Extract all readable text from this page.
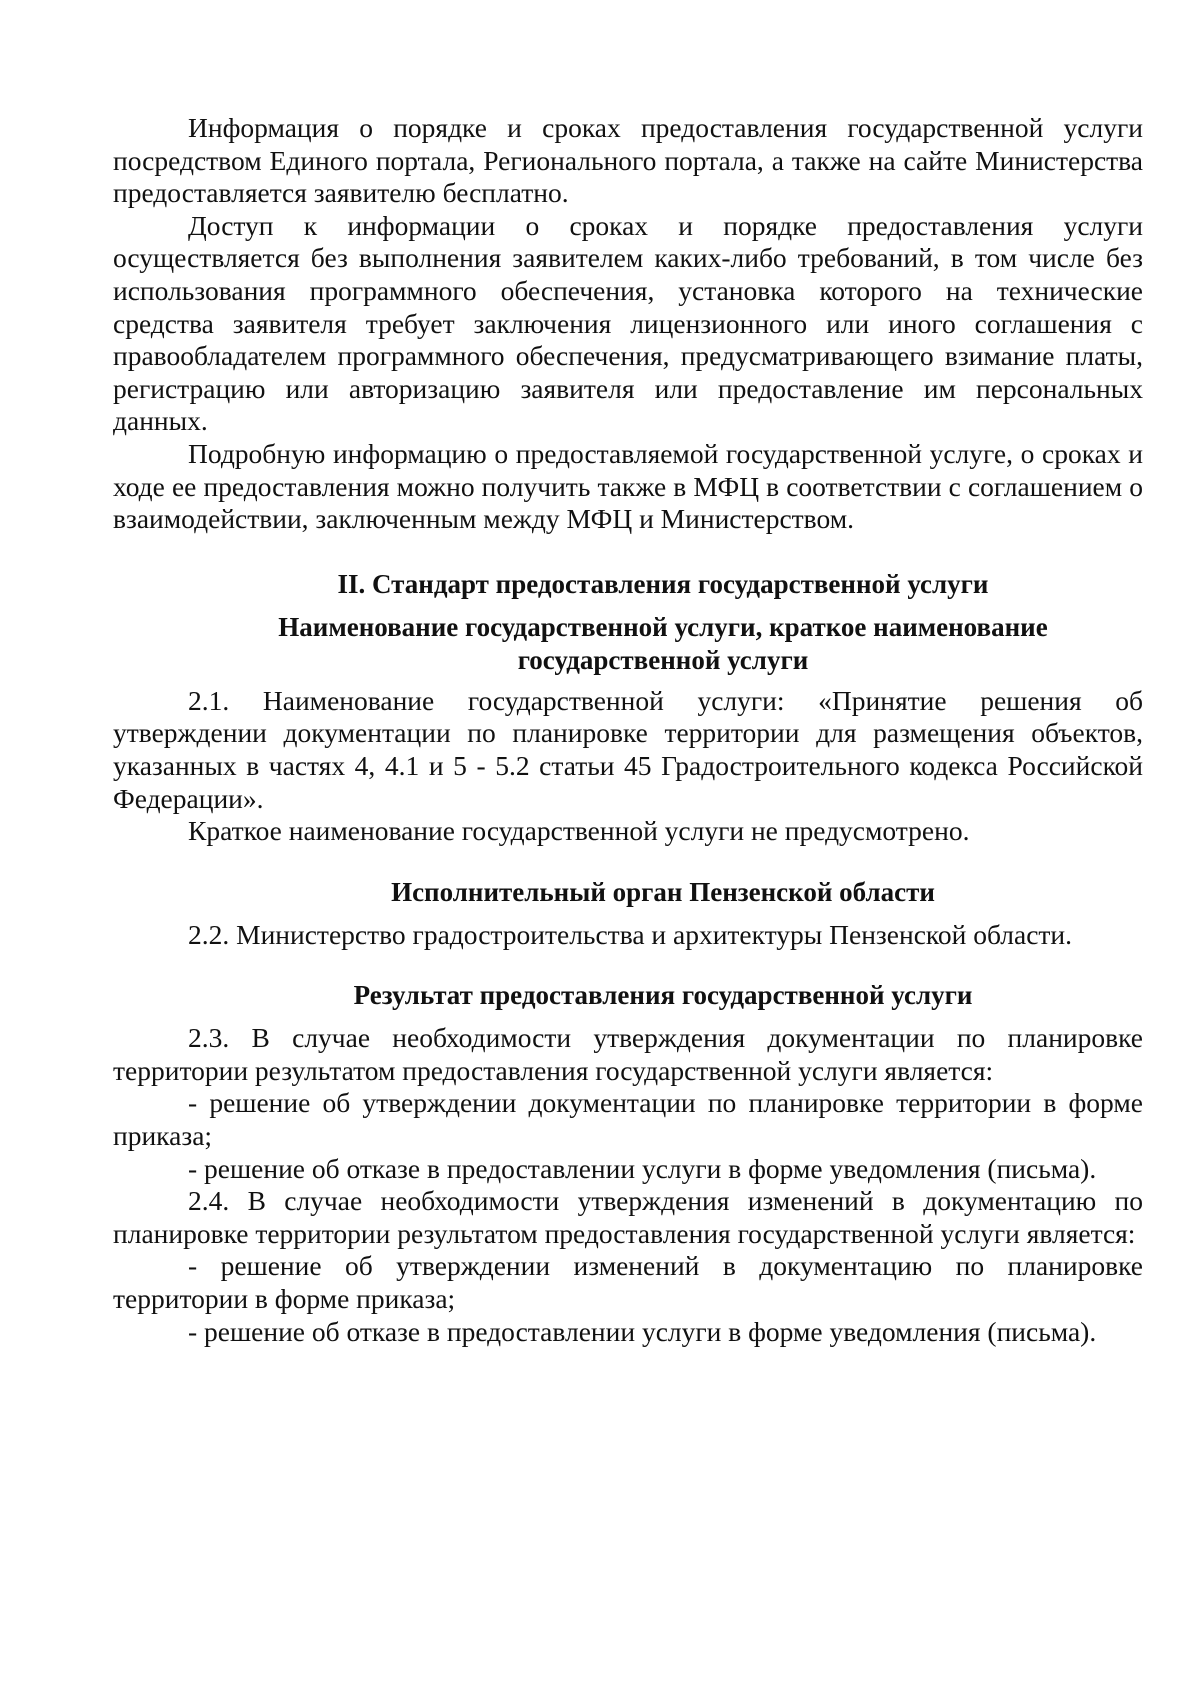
Информация о порядке и сроках предоставления государственной услуги посредством Единого портала, Регионального портала, а также на сайте Министерства предоставляется заявителю бесплатно.

Доступ к информации о сроках и порядке предоставления услуги осуществляется без выполнения заявителем каких-либо требований, в том числе без использования программного обеспечения, установка которого на технические средства заявителя требует заключения лицензионного или иного соглашения с правообладателем программного обеспечения, предусматривающего взимание платы, регистрацию или авторизацию заявителя или предоставление им персональных данных.

Подробную информацию о предоставляемой государственной услуге, о сроках и ходе ее предоставления можно получить также в МФЦ в соответствии с соглашением о взаимодействии, заключенным между МФЦ и Министерством.

II. Стандарт предоставления государственной услуги
Наименование государственной услуги, краткое наименование
государственной услуги

2.1. Наименование государственной услуги: «Принятие решения об утверждении документации по планировке территории для размещения объектов, указанных в частях 4, 4.1 и 5 - 5.2 статьи 45 Градостроительного кодекса Российской Федерации».

Краткое наименование государственной услуги не предусмотрено.

Исполнительный орган Пензенской области

2.2. Министерство градостроительства и архитектуры Пензенской области.

Результат предоставления государственной услуги

2.3. В случае необходимости утверждения документации по планировке территории результатом предоставления государственной услуги является:

- решение об утверждении документации по планировке территории в форме приказа;

- решение об отказе в предоставлении услуги в форме уведомления (письма).

2.4. В случае необходимости утверждения изменений в документацию по планировке территории результатом предоставления государственной услуги является:

- решение об утверждении изменений в документацию по планировке территории в форме приказа;

- решение об отказе в предоставлении услуги в форме уведомления (письма).
